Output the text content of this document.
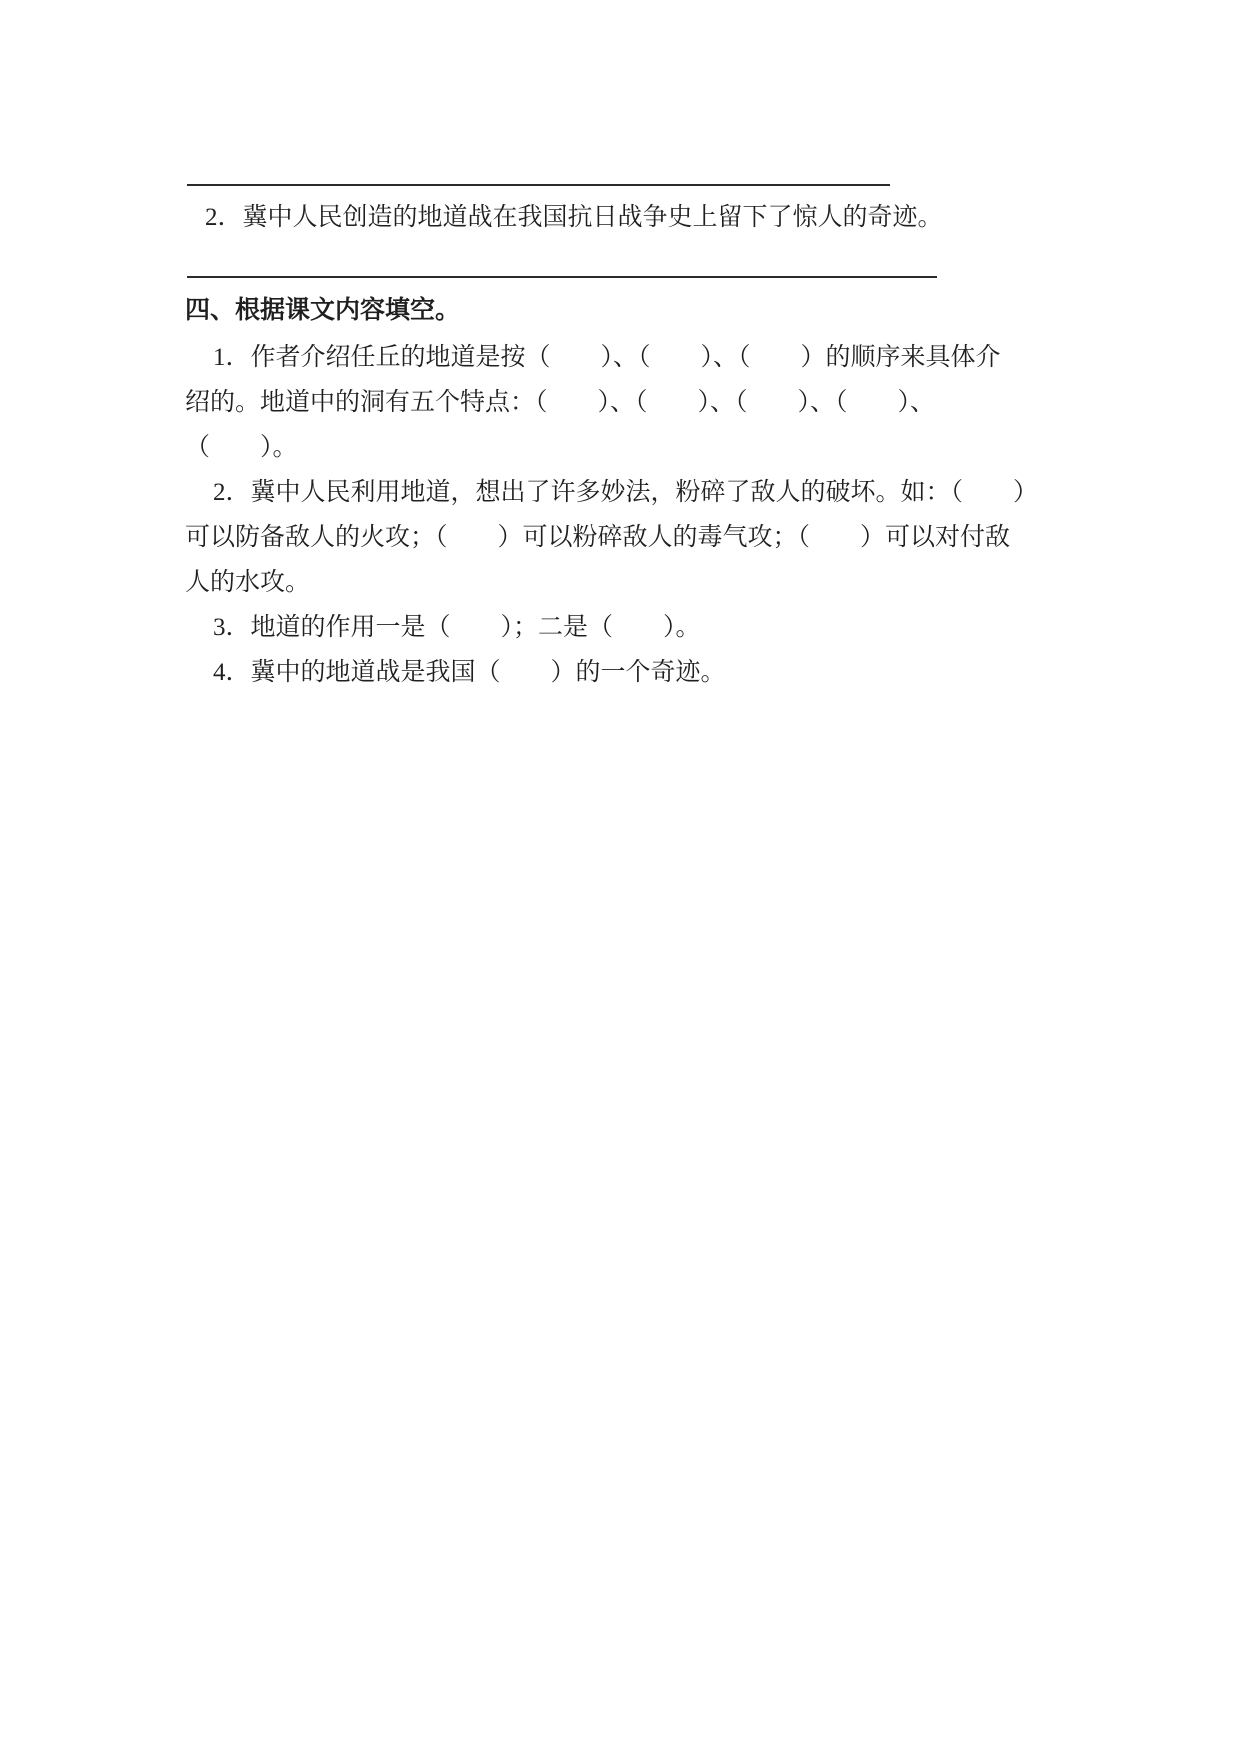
2．冀中人民创造的地道战在我国抗日战争史上留下了惊人的奇迹。
四、根据课文内容填空。
1．作者介绍任丘的地道是按（　　）、（　　）、（　　）的顺序来具体介
绍的。地道中的洞有五个特点：（　　）、（　　）、（　　）、（　　）、
（　　）。
2．冀中人民利用地道，想出了许多妙法，粉碎了敌人的破坏。如：（　　）
可以防备敌人的火攻；（　　）可以粉碎敌人的毒气攻；（　　）可以对付敌
人的水攻。
3．地道的作用一是（　　）；二是（　　）。
4．冀中的地道战是我国（　　）的一个奇迹。
